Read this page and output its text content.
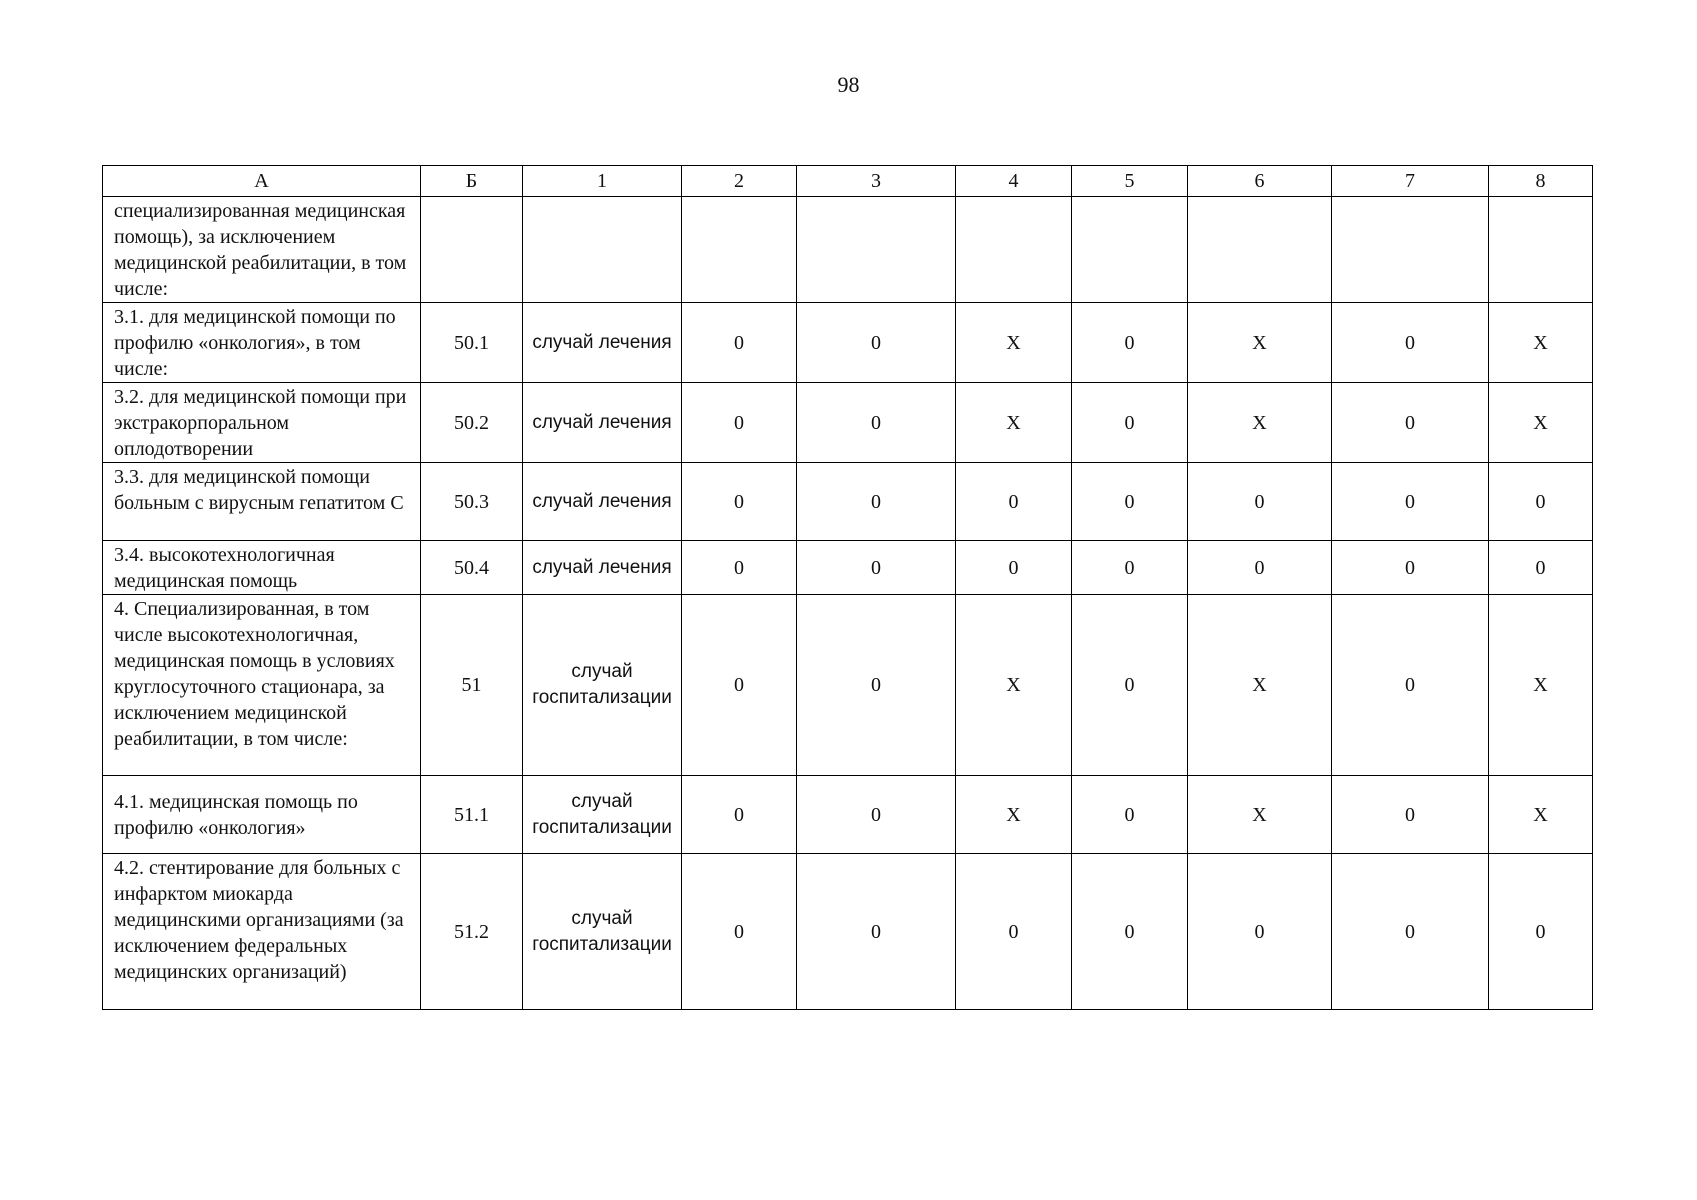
98
А	Б	1	2	3	4	5	6	7	8
специализированная медицинская помощь), за исключением медицинской реабилитации, в том числе:									
3.1. для медицинской помощи по профилю «онкология», в том числе:	50.1	случай лечения	0	0	Х	0	Х	0	Х
3.2. для медицинской помощи при экстракорпоральном оплодотворении	50.2	случай лечения	0	0	Х	0	Х	0	Х
3.3. для медицинской помощи больным с вирусным гепатитом С	50.3	случай лечения	0	0	0	0	0	0	0
3.4. высокотехнологичная медицинская помощь	50.4	случай лечения	0	0	0	0	0	0	0
4. Специализированная, в том числе высокотехнологичная, медицинская помощь в условиях круглосуточного стационара, за исключением медицинской реабилитации, в том числе:	51	случай госпитализации	0	0	Х	0	Х	0	Х
4.1. медицинская помощь по профилю «онкология»	51.1	случай госпитализации	0	0	Х	0	Х	0	Х
4.2. стентирование для больных с инфарктом миокарда медицинскими организациями (за исключением федеральных медицинских организаций)	51.2	случай госпитализации	0	0	0	0	0	0	0
